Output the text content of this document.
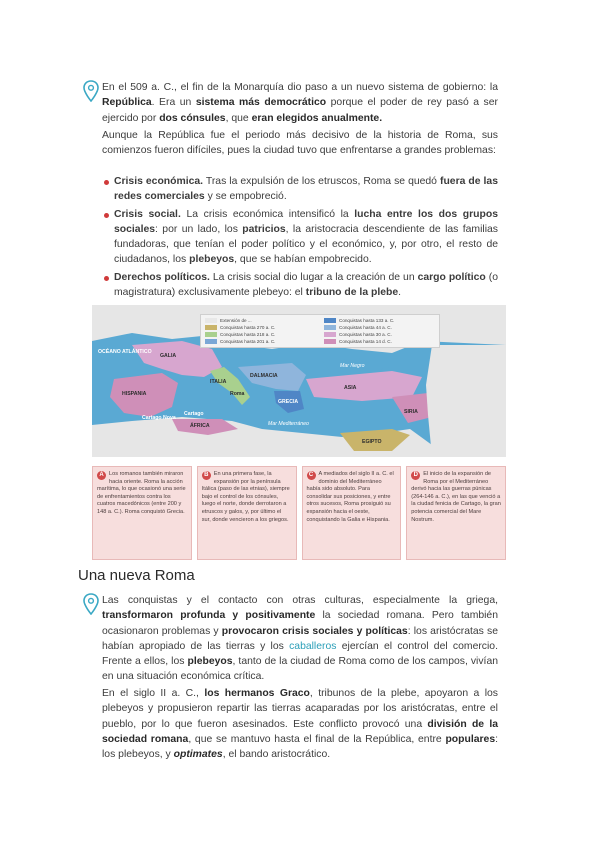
En el 509 a. C., el fin de la Monarquía dio paso a un nuevo sistema de gobierno: la República. Era un sistema más democrático porque el poder de rey pasó a ser ejercido por dos cónsules, que eran elegidos anualmente.

Aunque la República fue el periodo más decisivo de la historia de Roma, sus comienzos fueron difíciles, pues la ciudad tuvo que enfrentarse a grandes problemas:

Crisis económica. Tras la expulsión de los etruscos, Roma se quedó fuera de las redes comerciales y se empobreció.
Crisis social. La crisis económica intensificó la lucha entre los dos grupos sociales: por un lado, los patricios, la aristocracia descendiente de las familias fundadoras, que tenían el poder político y el económico, y, por otro, el resto de ciudadanos, los plebeyos, que se habían empobrecido.
Derechos políticos. La crisis social dio lugar a la creación de un cargo político (o magistratura) exclusivamente plebeyo: el tribuno de la plebe.
Extensión de ...	Conquistas hasta 133 a. C.
Conquistas hasta 270 a. C.	Conquistas hasta 44 a. C.
Conquistas hasta 218 a. C.	Conquistas hasta 30 a. C.
Conquistas hasta 201 a. C.	Conquistas hasta 14 d. C.
OCÉANO ATLÁNTICO
GALIA
HISPANIA
ITALIA
DALMACIA
Roma
GRECIA
Mar Negro
ASIA
Cartago Nova
ÁFRICA
SIRIA
Mar Mediterráneo
EGIPTO
Cartago
A Los romanos también miraron hacia oriente. Roma la acción marítima, lo que ocasionó una serie de enfrentamientos contra los cuatros macedónicos (entre 200 y 148 a. C.). Roma conquistó Grecia.
B En una primera fase, la expansión por la península Itálica (paso de las etnias), siempre bajo el control de los cónsules, luego el norte, donde derrotaron a etruscos y galos, y, por último el sur, donde vencieron a los griegos.
C A mediados del siglo II a. C. el dominio del Mediterráneo había sido absoluto. Para consolidar sus posiciones, y entre otros sucesos, Roma prosiguió su expansión hacia el oeste, conquistando la Galia e Hispania.
D El inicio de la expansión de Roma por el Mediterráneo derivó hacia las guerras púnicas (264-146 a. C.), en las que venció a la ciudad fenicia de Cartago, la gran potencia comercial del Mare Nostrum.
Una nueva Roma

Las conquistas y el contacto con otras culturas, especialmente la griega, transformaron profunda y positivamente la sociedad romana. Pero también ocasionaron problemas y provocaron crisis sociales y políticas: los aristócratas se habían apropiado de las tierras y los caballeros ejercían el control del comercio. Frente a ellos, los plebeyos, tanto de la ciudad de Roma como de los campos, vivían en una situación económica crítica.

En el siglo II a. C., los hermanos Graco, tribunos de la plebe, apoyaron a los plebeyos y propusieron repartir las tierras acaparadas por los aristócratas, entre el pueblo, por lo que fueron asesinados. Este conflicto provocó una división de la sociedad romana, que se mantuvo hasta el final de la República, entre populares: los plebeyos, y optimates, el bando aristocrático.
